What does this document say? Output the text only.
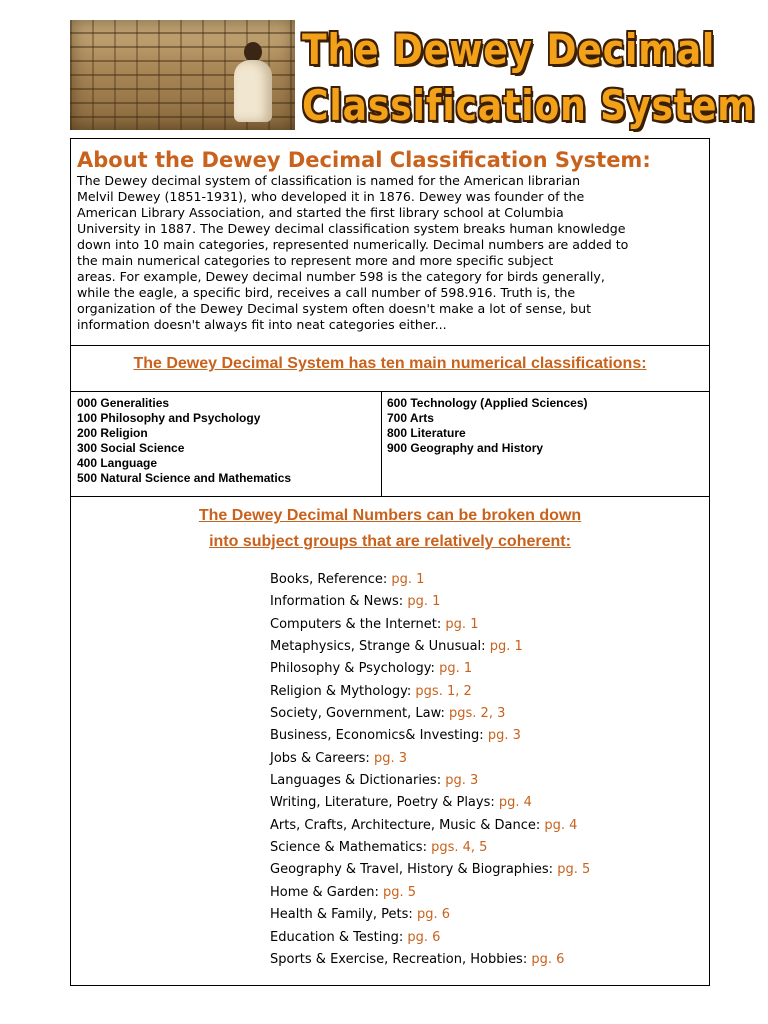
The Dewey Decimal
Classification System
About the Dewey Decimal Classification System:

The Dewey decimal system of classification is named for the American librarian
Melvil Dewey (1851-1931), who developed it in 1876. Dewey was founder of the
American Library Association, and started the first library school at Columbia
University in 1887. The Dewey decimal classification system breaks human knowledge
down into 10 main categories, represented numerically. Decimal numbers are added to
the main numerical categories to represent more and more specific subject
areas. For example, Dewey decimal number 598 is the category for birds generally,
while the eagle, a specific bird, receives a call number of 598.916. Truth is, the
organization of the Dewey Decimal system often doesn't make a lot of sense, but
information doesn't always fit into neat categories either...

The Dewey Decimal System has ten main numerical classifications:
000 Generalities
100 Philosophy and Psychology
200 Religion
300 Social Science
400 Language
500 Natural Science and Mathematics
600 Technology (Applied Sciences)
700 Arts
800 Literature
900 Geography and History
The Dewey Decimal Numbers can be broken down
into subject groups that are relatively coherent:
Books, Reference: pg. 1
Information & News: pg. 1
Computers & the Internet: pg. 1
Metaphysics, Strange & Unusual: pg. 1
Philosophy & Psychology: pg. 1
Religion & Mythology: pgs. 1, 2
Society, Government, Law: pgs. 2, 3
Business, Economics& Investing: pg. 3
Jobs & Careers: pg. 3
Languages & Dictionaries: pg. 3
Writing, Literature, Poetry & Plays: pg. 4
Arts, Crafts, Architecture, Music & Dance: pg. 4
Science & Mathematics: pgs. 4, 5
Geography & Travel, History & Biographies: pg. 5
Home & Garden: pg. 5
Health & Family, Pets: pg. 6
Education & Testing: pg. 6
Sports & Exercise, Recreation, Hobbies: pg. 6
